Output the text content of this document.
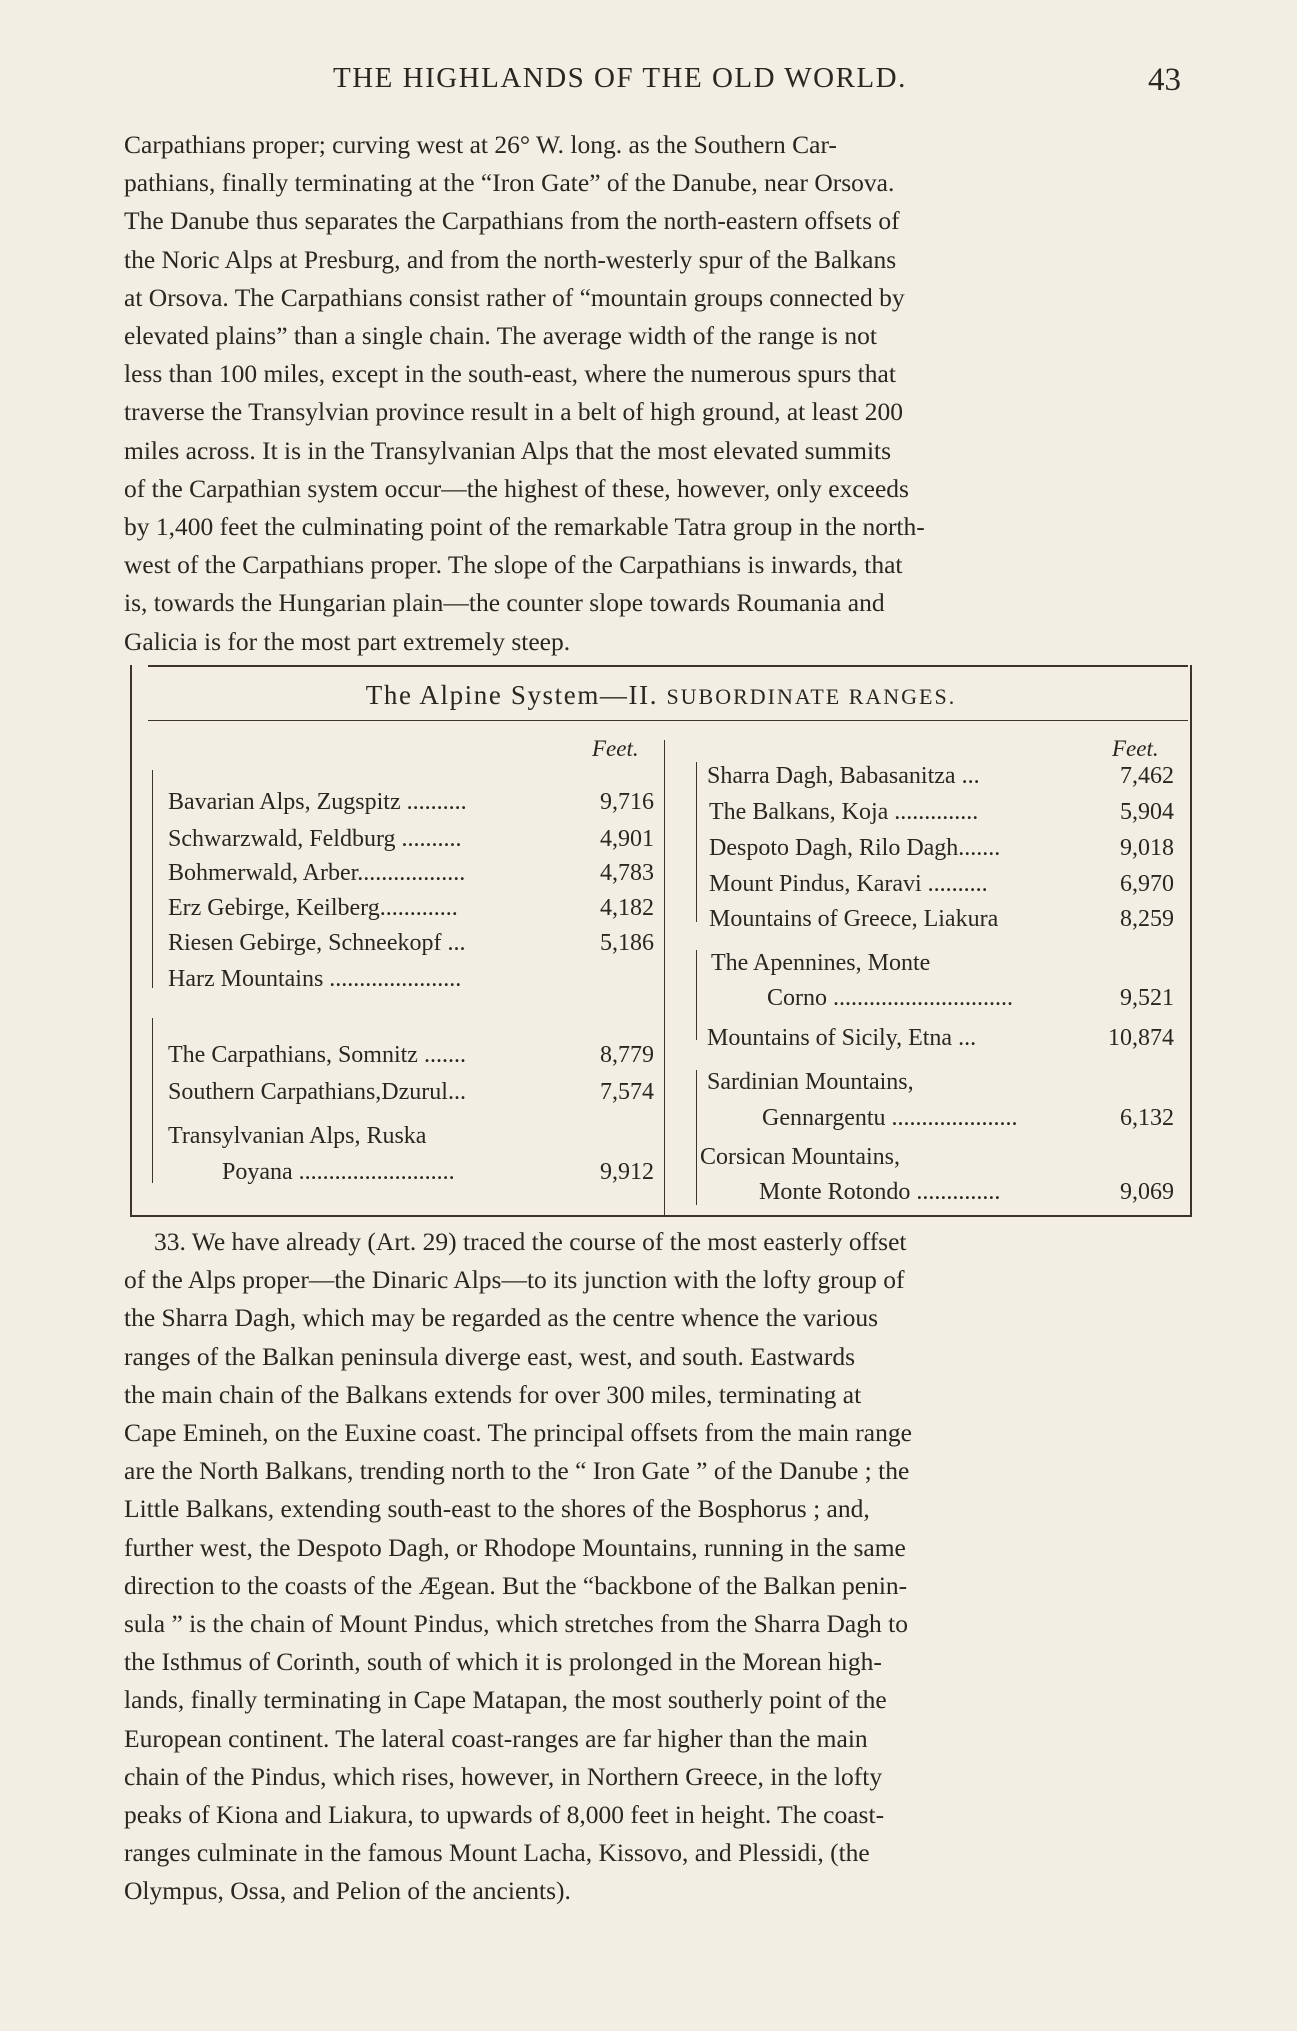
THE HIGHLANDS OF THE OLD WORLD.	43
Carpathians proper; curving west at 26° W. long. as the Southern Car-
pathians, finally terminating at the “Iron Gate” of the Danube, near Orsova.
The Danube thus separates the Carpathians from the north-eastern offsets of
the Noric Alps at Presburg, and from the north-westerly spur of the Balkans
at Orsova. The Carpathians consist rather of “mountain groups connected by
elevated plains” than a single chain. The average width of the range is not
less than 100 miles, except in the south-east, where the numerous spurs that
traverse the Transylvian province result in a belt of high ground, at least 200
miles across. It is in the Transylvanian Alps that the most elevated summits
of the Carpathian system occur—the highest of these, however, only exceeds
by 1,400 feet the culminating point of the remarkable Tatra group in the north-
west of the Carpathians proper. The slope of the Carpathians is inwards, that
is, towards the Hungarian plain—the counter slope towards Roumania and
Galicia is for the most part extremely steep.
The Alpine System—II. SUBORDINATE RANGES.
Feet.	Feet.
Bavarian Alps, Zugspitz ..........	9,716
Schwarzwald, Feldburg ..........	4,901
Bohmerwald, Arber..................	4,783
Erz Gebirge, Keilberg.............	4,182
Riesen Gebirge, Schneekopf ...	5,186
Harz Mountains ......................
The Carpathians, Somnitz .......	8,779
Southern Carpathians,Dzurul...	7,574
Transylvanian Alps, Ruska
Poyana ..........................	9,912
Sharra Dagh, Babasanitza ...	7,462
The Balkans, Koja ..............	5,904
Despoto Dagh, Rilo Dagh.......	9,018
Mount Pindus, Karavi ..........	6,970
Mountains of Greece, Liakura	8,259
The Apennines, Monte
Corno ..............................	9,521
Mountains of Sicily, Etna ...	10,874
Sardinian Mountains,
Gennargentu .....................	6,132
Corsican Mountains,
Monte Rotondo ..............	9,069
33. We have already (Art. 29) traced the course of the most easterly offset
of the Alps proper—the Dinaric Alps—to its junction with the lofty group of
the Sharra Dagh, which may be regarded as the centre whence the various
ranges of the Balkan peninsula diverge east, west, and south. Eastwards
the main chain of the Balkans extends for over 300 miles, terminating at
Cape Emineh, on the Euxine coast. The principal offsets from the main range
are the North Balkans, trending north to the “ Iron Gate ” of the Danube ; the
Little Balkans, extending south-east to the shores of the Bosphorus ; and,
further west, the Despoto Dagh, or Rhodope Mountains, running in the same
direction to the coasts of the Ægean. But the “backbone of the Balkan penin-
sula ” is the chain of Mount Pindus, which stretches from the Sharra Dagh to
the Isthmus of Corinth, south of which it is prolonged in the Morean high-
lands, finally terminating in Cape Matapan, the most southerly point of the
European continent. The lateral coast-ranges are far higher than the main
chain of the Pindus, which rises, however, in Northern Greece, in the lofty
peaks of Kiona and Liakura, to upwards of 8,000 feet in height. The coast-
ranges culminate in the famous Mount Lacha, Kissovo, and Plessidi, (the
Olympus, Ossa, and Pelion of the ancients).
